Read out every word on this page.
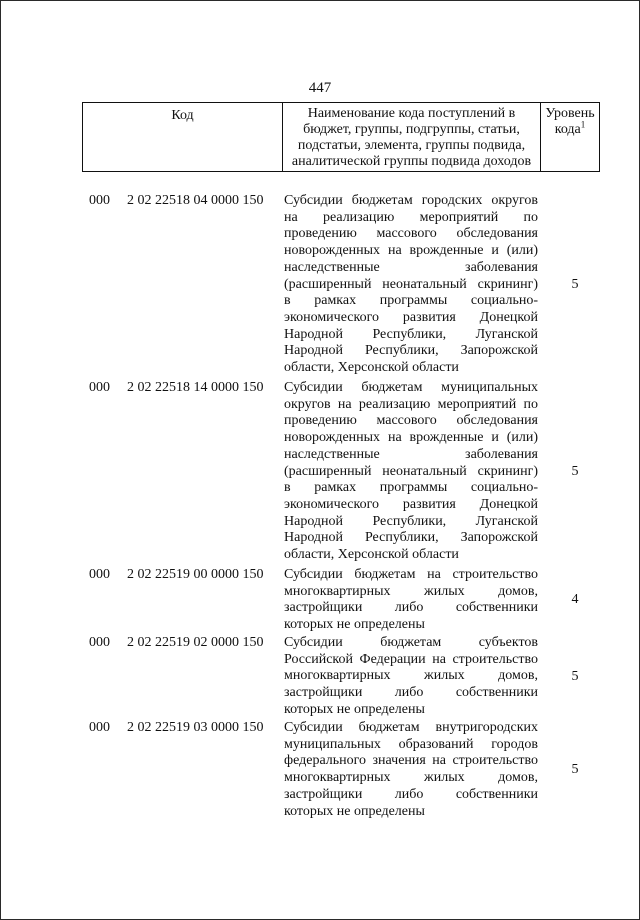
447
Код	Наименование кода поступлений в
бюджет, группы, подгруппы, статьи,
подстатьи, элемента, группы подвида,
аналитической группы подвида доходов
Уровень
кода$^1$
000 2 02 22518 04 0000 150 Субсидии бюджетам городских округов
на реализацию мероприятий по
проведению массового обследования
новорожденных на врожденные и (или)
наследственные заболевания
(расширенный неонатальный скрининг)
в рамках программы социально-
экономического развития Донецкой
Народной Республики, Луганской
Народной Республики, Запорожской
области, Херсонской области
5
000 2 02 22518 14 0000 150 Субсидии бюджетам муниципальных
округов на реализацию мероприятий по
проведению массового обследования
новорожденных на врожденные и (или)
наследственные заболевания
(расширенный неонатальный скрининг)
в рамках программы социально-
экономического развития Донецкой
Народной Республики, Луганской
Народной Республики, Запорожской
области, Херсонской области
5
000 2 02 22519 00 0000 150 Субсидии бюджетам на строительство
многоквартирных жилых домов,
застройщики либо собственники
которых не определены
4
000 2 02 22519 02 0000 150 Субсидии бюджетам субъектов
Российской Федерации на строительство
многоквартирных жилых домов,
застройщики либо собственники
которых не определены
5
000 2 02 22519 03 0000 150 Субсидии бюджетам внутригородских
муниципальных образований городов
федерального значения на строительство
многоквартирных жилых домов,
застройщики либо собственники
которых не определены
5
